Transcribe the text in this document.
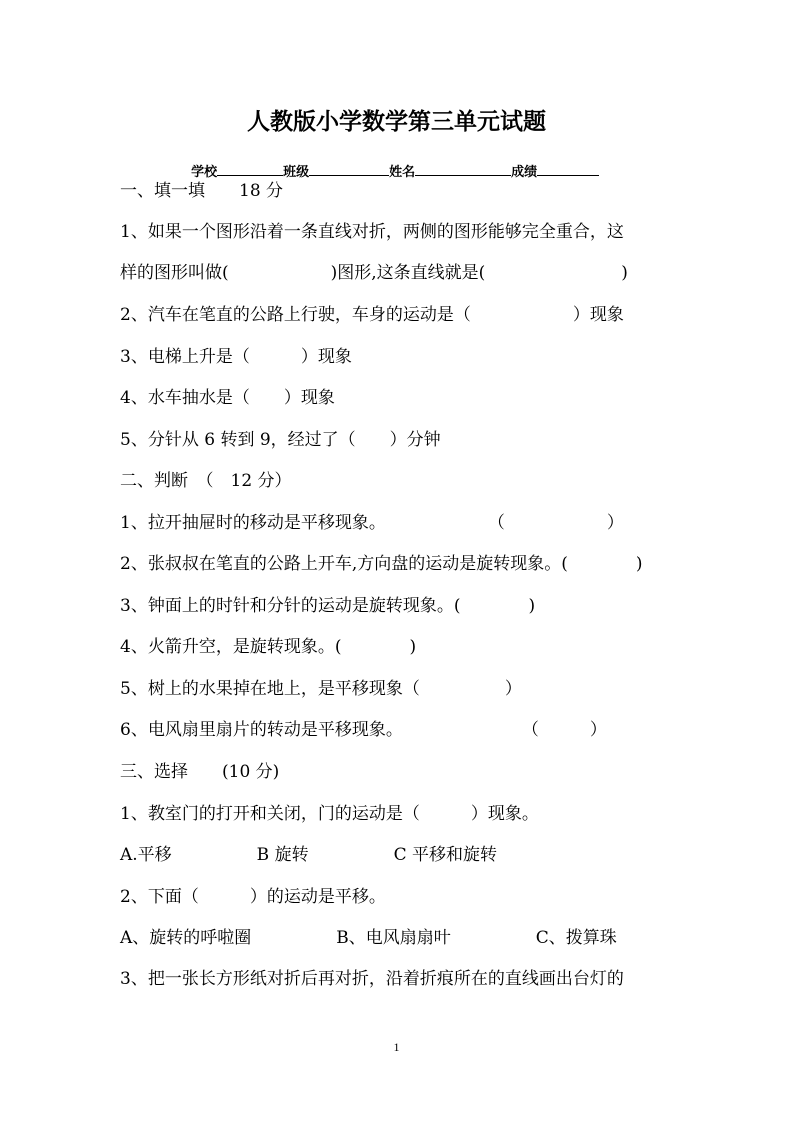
人教版小学数学第三单元试题

学校	班级	姓名	成绩

一、填一填　　18 分
1、如果一个图形沿着一条直线对折，两侧的图形能够完全重合，这
样的图形叫做(　　　　　　)图形,这条直线就是(　　　　　　　　)
2、汽车在笔直的公路上行驶，车身的运动是（　　　　　　）现象
3、电梯上升是（　　　）现象
4、水车抽水是（　　）现象
5、分针从 6 转到 9，经过了（　　）分钟
二、判断　（　12 分）
1、拉开抽屉时的移动是平移现象。　　　　　　　（　　　　　　）
2、张叔叔在笔直的公路上开车,方向盘的运动是旋转现象。(　　　　)
3、钟面上的时针和分针的运动是旋转现象。(　　　　)
4、火箭升空，是旋转现象。(　　　　)
5、树上的水果掉在地上，是平移现象（　　　　　）
6、电风扇里扇片的转动是平移现象。　　　　　　　　（　　　）
三、选择　　(10 分)
1、教室门的打开和关闭，门的运动是（　　　）现象。
A.平移　　　　　B 旋转　　　　　C 平移和旋转
2、下面（　　　）的运动是平移。
A、旋转的呼啦圈　　　　　B、电风扇扇叶　　　　　C、拨算珠
3、把一张长方形纸对折后再对折，沿着折痕所在的直线画出台灯的
1
